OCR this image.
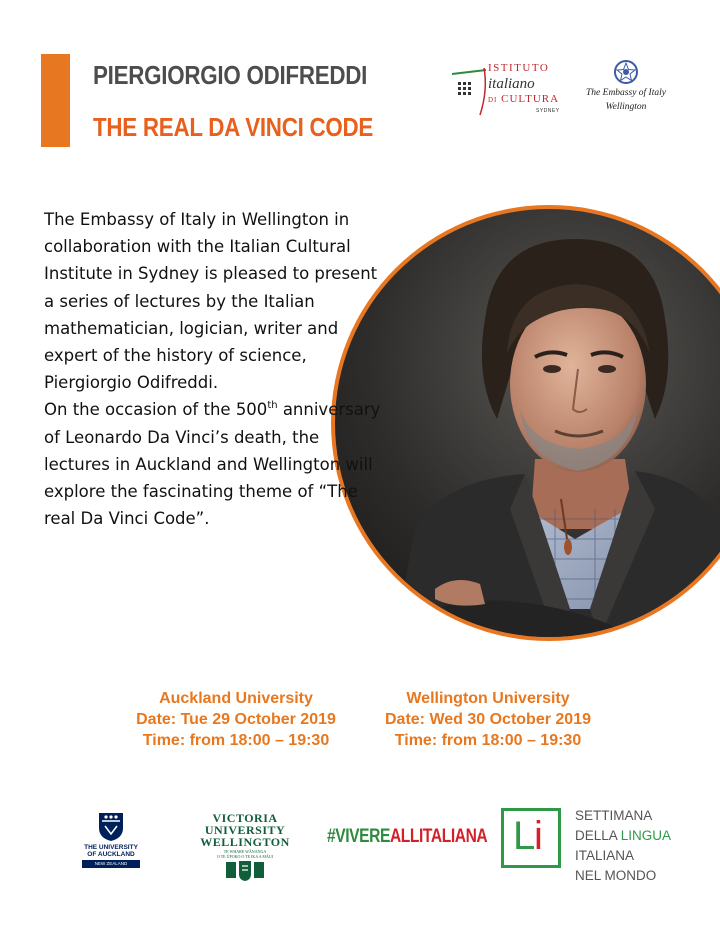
PIERGIORGIO ODIFREDDI
THE REAL DA VINCI CODE
ISTITUTO
italiano
DI CULTURA
SYDNEY
The Embassy of Italy
Wellington
The Embassy of Italy in Wellington in collaboration with the Italian Cultural Institute in Sydney is pleased to present a series of lectures by the Italian mathematician, logician, writer and expert of the history of science, Piergiorgio Odifreddi.
On the occasion of the 500th anniversary of Leonardo Da Vinci’s death, the lectures in Auckland and Wellington will explore the fascinating theme of “The real Da Vinci Code”.
Auckland University
Date: Tue 29 October 2019
Time: from 18:00 – 19:30
Wellington University
Date: Wed 30 October 2019
Time: from 18:00 – 19:30
THE UNIVERSITY
OF AUCKLAND
NEW ZEALAND
VICTORIA
UNIVERSITY
WELLINGTON
TE WHARE WĀNANGA
O TE ŪPOKO O TE IKA A MĀUI
#VIVEREALLITALIANA L
i SETTIMANA
DELLA LINGUA
ITALIANA
NEL MONDO
